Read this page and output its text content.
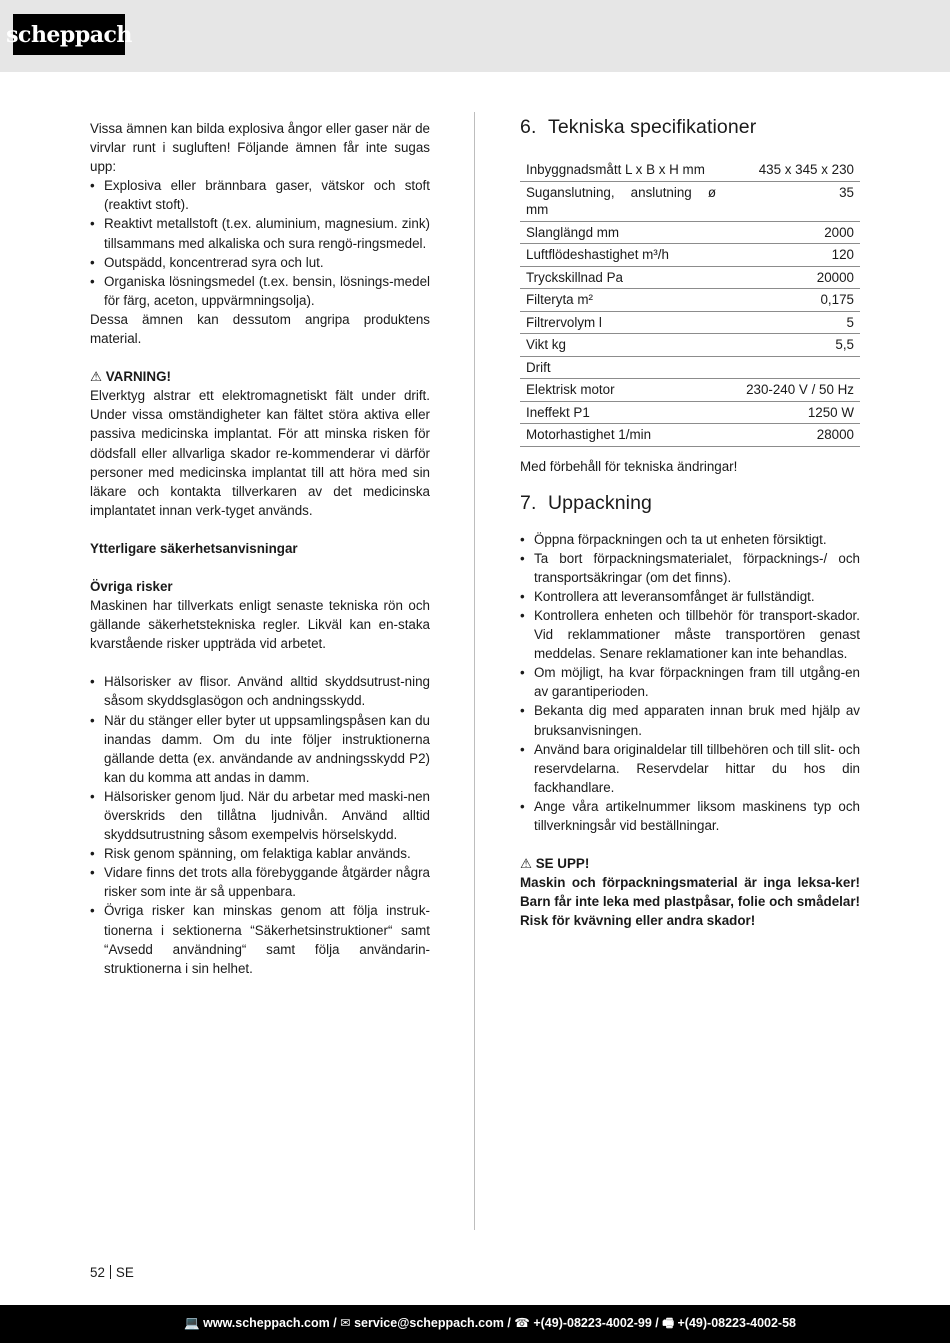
scheppach

Vissa ämnen kan bilda explosiva ångor eller gaser när de virvlar runt i sugluften! Följande ämnen får inte sugas upp:

• Explosiva eller brännbara gaser, vätskor och stoft (reaktivt stoft).
• Reaktivt metallstoft (t.ex. aluminium, magnesium. zink) tillsammans med alkaliska och sura rengö-ringsmedel.
• Outspädd, koncentrerad syra och lut.
• Organiska lösningsmedel (t.ex. bensin, lösnings-medel för färg, aceton, uppvärmningsolja).

Dessa ämnen kan dessutom angripa produktens material.

⚠ VARNING!

Elverktyg alstrar ett elektromagnetiskt fält under drift. Under vissa omständigheter kan fältet störa aktiva eller passiva medicinska implantat. För att minska risken för dödsfall eller allvarliga skador re-kommenderar vi därför personer med medicinska implantat till att höra med sin läkare och kontakta tillverkaren av det medicinska implantatet innan verk-tyget används.

Ytterligare säkerhetsanvisningar

Övriga risker

Maskinen har tillverkats enligt senaste tekniska rön och gällande säkerhetstekniska regler. Likväl kan en-staka kvarstående risker uppträda vid arbetet.

• Hälsorisker av flisor. Använd alltid skyddsutrust-ning såsom skyddsglasögon och andningsskydd.
• När du stänger eller byter ut uppsamlingspåsen kan du inandas damm. Om du inte följer instruktionerna gällande detta (ex. användande av andningsskydd P2) kan du komma att andas in damm.
• Hälsorisker genom ljud. När du arbetar med maski-nen överskrids den tillåtna ljudnivån. Använd alltid skyddsutrustning såsom exempelvis hörselskydd.
• Risk genom spänning, om felaktiga kablar används.
• Vidare finns det trots alla förebyggande åtgärder några risker som inte är så uppenbara.
• Övriga risker kan minskas genom att följa instruk-tionerna i sektionerna “Säkerhetsinstruktioner“ samt “Avsedd användning“ samt följa användarin-struktionerna i sin helhet.
6. Tekniska specifikationer
Inbyggnadsmått L x B x H mm	435 x 345 x 230
Suganslutning, anslutning ø mm	35
Slanglängd mm	2000
Luftflödeshastighet m³/h	120
Tryckskillnad Pa	20000
Filteryta m²	0,175
Filtrervolym l	5
Vikt kg	5,5
Drift	
Elektrisk motor	230-240 V / 50 Hz
Ineffekt P1	1250 W
Motorhastighet 1/min	28000

Med förbehåll för tekniska ändringar!

7. Uppackning
• Öppna förpackningen och ta ut enheten försiktigt.
• Ta bort förpackningsmaterialet, förpacknings-/ och transportsäkringar (om det finns).
• Kontrollera att leveransomfånget är fullständigt.
• Kontrollera enheten och tillbehör för transport-skador. Vid reklammationer måste transportören genast meddelas. Senare reklamationer kan inte behandlas.
• Om möjligt, ha kvar förpackningen fram till utgång-en av garantiperioden.
• Bekanta dig med apparaten innan bruk med hjälp av bruksanvisningen.
• Använd bara originaldelar till tillbehören och till slit- och reservdelarna. Reservdelar hittar du hos din fackhandlare.
• Ange våra artikelnummer liksom maskinens typ och tillverkningsår vid beställningar.

⚠ SE UPP!

Maskin och förpackningsmaterial är inga leksa-ker! Barn får inte leka med plastpåsar, folie och smådelar! Risk för kvävning eller andra skador!

52 SE
💻 www.scheppach.com / ✉ service@scheppach.com / ☎ +(49)-08223-4002-99 / 🖷 +(49)-08223-4002-58
